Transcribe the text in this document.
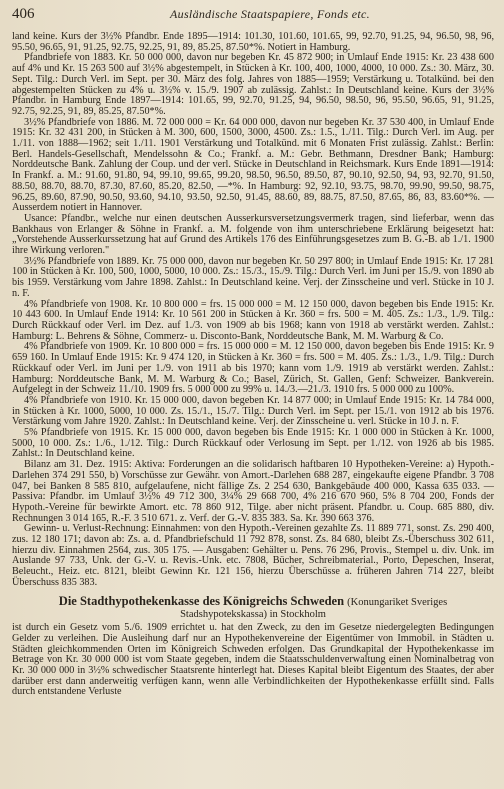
406	Ausländische Staatspapiere, Fonds etc.

land keine. Kurs der 3½% Pfandbr. Ende 1895—1914: 101.30, 101.60, 101.65, 99, 92.70, 91.25, 94, 96.50, 98, 96, 95.50, 96.65, 91, 91.25, 92.75, 92.25, 91, 89, 85.25, 87.50*%. Notiert in Hamburg.

Pfandbriefe von 1883. Kr. 50 000 000, davon nur begeben Kr. 45 872 900; in Umlauf Ende 1915: Kr. 23 438 600 auf 4% und Kr. 15 263 500 auf 3½% abgestempelt, in Stücken à Kr. 100, 400, 1000, 4000, 10 000. Zs.: 30. März, 30. Sept. Tilg.: Durch Verl. im Sept. per 30. März des folg. Jahres von 1885—1959; Verstärkung u. Totalkünd. bei den abgestempelten Stücken zu 4% u. 3½% v. 15./9. 1907 ab zulässig. Zahlst.: In Deutschland keine. Kurs der 3½% Pfandbr. in Hamburg Ende 1897—1914: 101.65, 99, 92.70, 91.25, 94, 96.50, 98.50, 96, 95.50, 96.65, 91, 91.25, 92.75, 92.25, 91, 89, 85.25, 87.50*%.

3½% Pfandbriefe von 1886. M. 72 000 000 = Kr. 64 000 000, davon nur begeben Kr. 37 530 400, in Umlauf Ende 1915: Kr. 32 431 200, in Stücken à M. 300, 600, 1500, 3000, 4500. Zs.: 1.5., 1./11. Tilg.: Durch Verl. im Aug. per 1./11. von 1888—1962; seit 1./11. 1901 Verstärkung und Totalkünd. mit 6 Monaten Frist zulässig. Zahlst.: Berlin: Berl. Handels-Gesellschaft, Mendelssohn & Co.; Frankf. a. M.: Gebr. Bethmann, Dresdner Bank; Hamburg: Norddeutsche Bank. Zahlung der Coup. und der verl. Stücke in Deutschland in Reichsmark. Kurs Ende 1891—1914: In Frankf. a. M.: 91.60, 91.80, 94, 99.10, 99.65, 99.20, 98.50, 96.50, 89.50, 87, 90.10, 92.50, 94, 93, 92.70, 91.50, 88.50, 88.70, 88.70, 87.30, 87.60, 85.20, 82.50, —*%. In Hamburg: 92, 92.10, 93.75, 98.70, 99.90, 99.50, 98.75, 96.25, 89.60, 87.90, 90.50, 93.60, 94.10, 93.50, 92.50, 91.45, 88.60, 89, 88.75, 87.50, 87.65, 86, 83, 83.60*%. — Ausserdem notiert in Hannover.

Usance: Pfandbr., welche nur einen deutschen Ausserkursversetzungsvermerk tragen, sind lieferbar, wenn das Bankhaus von Erlanger & Söhne in Frankf. a. M. folgende von ihm unterschriebene Erklärung beigesetzt hat: „Vorstehende Ausserkurssetzung hat auf Grund des Artikels 176 des Einführungsgesetzes zum B. G.-B. ab 1./1. 1900 ihre Wirkung verloren."

3½% Pfandbriefe von 1889. Kr. 75 000 000, davon nur begeben Kr. 50 297 800; in Umlauf Ende 1915: Kr. 17 281 100 in Stücken à Kr. 100, 500, 1000, 5000, 10 000. Zs.: 15./3., 15./9. Tilg.: Durch Verl. im Juni per 15./9. von 1890 ab bis 1959. Verstärkung vom Jahre 1898. Zahlst.: In Deutschland keine. Verj. der Zinsscheine und verl. Stücke in 10 J. n. F.

4% Pfandbriefe von 1908. Kr. 10 800 000 = frs. 15 000 000 = M. 12 150 000, davon begeben bis Ende 1915: Kr. 10 443 600. In Umlauf Ende 1914: Kr. 10 561 200 in Stücken à Kr. 360 = frs. 500 = M. 405. Zs.: 1./3., 1./9. Tilg.: Durch Rückkauf oder Verl. im Dez. auf 1./3. von 1909 ab bis 1968; kann von 1918 ab verstärkt werden. Zahlst.: Hamburg: L. Behrens & Söhne, Commerz- u. Disconto-Bank, Norddeutsche Bank, M. M. Warburg & Co.

4% Pfandbriefe von 1909. Kr. 10 800 000 = frs. 15 000 000 = M. 12 150 000, davon begeben bis Ende 1915: Kr. 9 659 160. In Umlauf Ende 1915: Kr. 9 474 120, in Stücken à Kr. 360 = frs. 500 = M. 405. Zs.: 1./3., 1./9. Tilg.: Durch Rückkauf oder Verl. im Juni per 1./9. von 1911 ab bis 1970; kann vom 1./9. 1919 ab verstärkt werden. Zahlst.: Hamburg: Norddeutsche Bank, M. M. Warburg & Co.; Basel, Zürich, St. Gallen, Genf: Schweizer. Bankverein. Aufgelegt in der Schweiz 11./10. 1909 frs. 5 000 000 zu 99% u. 14./3.—21./3. 1910 frs. 5 000 000 zu 100%.

4% Pfandbriefe von 1910. Kr. 15 000 000, davon begeben Kr. 14 877 000; in Umlauf Ende 1915: Kr. 14 784 000, in Stücken à Kr. 1000, 5000, 10 000. Zs. 15./1., 15./7. Tilg.: Durch Verl. im Sept. per 15./1. von 1912 ab bis 1976. Verstärkung vom Jahre 1920. Zahlst.: In Deutschland keine. Verj. der Zinsscheine u. verl. Stücke in 10 J. n. F.

5% Pfandbriefe von 1915. Kr. 15 000 000, davon begeben bis Ende 1915: Kr. 1 000 000 in Stücken à Kr. 1000, 5000, 10 000. Zs.: 1./6., 1./12. Tilg.: Durch Rückkauf oder Verlosung im Sept. per 1./12. von 1926 ab bis 1985. Zahlst.: In Deutschland keine.

Bilanz am 31. Dez. 1915: Aktiva: Forderungen an die solidarisch haftbaren 10 Hypotheken-Vereine: a) Hypoth.-Darlehen 374 291 550, b) Vorschüsse zur Gewähr. von Amort.-Darlehen 688 287, eingekaufte eigene Pfandbr. 3 708 047, bei Banken 8 585 810, aufgelaufene, nicht fällige Zs. 2 254 630, Bankgebäude 400 000, Kassa 635 033. — Passiva: Pfandbr. im Umlauf 3½% 49 712 300, 3¼% 29 668 700, 4% 216 670 960, 5% 8 704 200, Fonds der Hypoth.-Vereine für bewirkte Amort. etc. 78 860 912, Tilge. aber nicht präsent. Pfandbr. u. Coup. 685 880, div. Rechnungen 3 014 165, R.-F. 3 510 671. z. Verf. der G.-V. 835 383. Sa. Kr. 390 663 376.

Gewinn- u. Verlust-Rechnung: Einnahmen: von den Hypoth.-Vereinen gezahlte Zs. 11 889 771, sonst. Zs. 290 400, zus. 12 180 171; davon ab: Zs. a. d. Pfandbriefschuld 11 792 878, sonst. Zs. 84 680, bleibt Zs.-Überschuss 302 611, hierzu div. Einnahmen 2564, zus. 305 175. — Ausgaben: Gehälter u. Pens. 76 296, Provis., Stempel u. div. Unk. im Auslande 97 733, Unk. der G.-V. u. Revis.-Unk. etc. 7808, Bücher, Schreibmaterial., Porto, Depeschen, Inserat, Beleucht., Heiz. etc. 8121, bleibt Gewinn Kr. 121 156, hierzu Überschüsse a. früheren Jahren 714 227, bleibt Überschuss 835 383.

Die Stadthypothekenkasse des Königreichs Schweden (Konungariket Sveriges
Stadshypotekskassa) in Stockholm

ist durch ein Gesetz vom 5./6. 1909 errichtet u. hat den Zweck, zu den im Gesetze niedergelegten Bedingungen Gelder zu verleihen. Die Ausleihung darf nur an Hypothekenvereine der Eigentümer von Immobil. in Städten u. Städten gleichkommenden Orten im Königreich Schweden erfolgen. Das Grundkapital der Hypothekenkasse im Betrage von Kr. 30 000 000 ist vom Staate gegeben, indem die Staatsschuldenverwaltung einen Nominalbetrag von Kr. 30 000 000 in 3½% schwedischer Staatsrente hinterlegt hat. Dieses Kapital bleibt Eigentum des Staates, der aber darüber erst dann anderweitig verfügen kann, wenn alle Verbindlichkeiten der Hypothekenkasse erfüllt sind. Falls durch entstandene Verluste
